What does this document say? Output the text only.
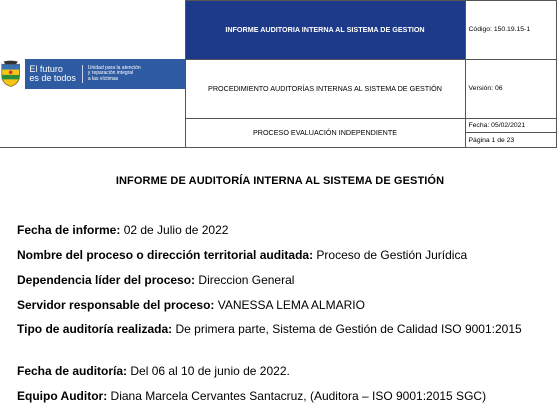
El futuro
es de todos
Unidad para la atención
y reparación integral
a las víctimas	INFORME AUDITORIA INTERNA AL SISTEMA DE GESTION	Código: 150.19.15-1
	PROCEDIMIENTO AUDITORÍAS INTERNAS AL SISTEMA DE GESTIÓN	Versión: 06
	PROCESO EVALUACIÓN INDEPENDIENTE	Fecha: 05/02/2021
		Página 1 de 23
INFORME DE AUDITORÍA INTERNA AL SISTEMA DE GESTIÓN
Fecha de informe: 02 de Julio de 2022
Nombre del proceso o dirección territorial auditada: Proceso de Gestión Jurídica
Dependencia líder del proceso: Direccion General
Servidor responsable del proceso: VANESSA LEMA ALMARIO
Tipo de auditoría realizada: De primera parte, Sistema de Gestión de Calidad ISO 9001:2015
Fecha de auditoría: Del 06 al 10 de junio de 2022.
Equipo Auditor: Diana Marcela Cervantes Santacruz, (Auditora – ISO 9001:2015 SGC)
